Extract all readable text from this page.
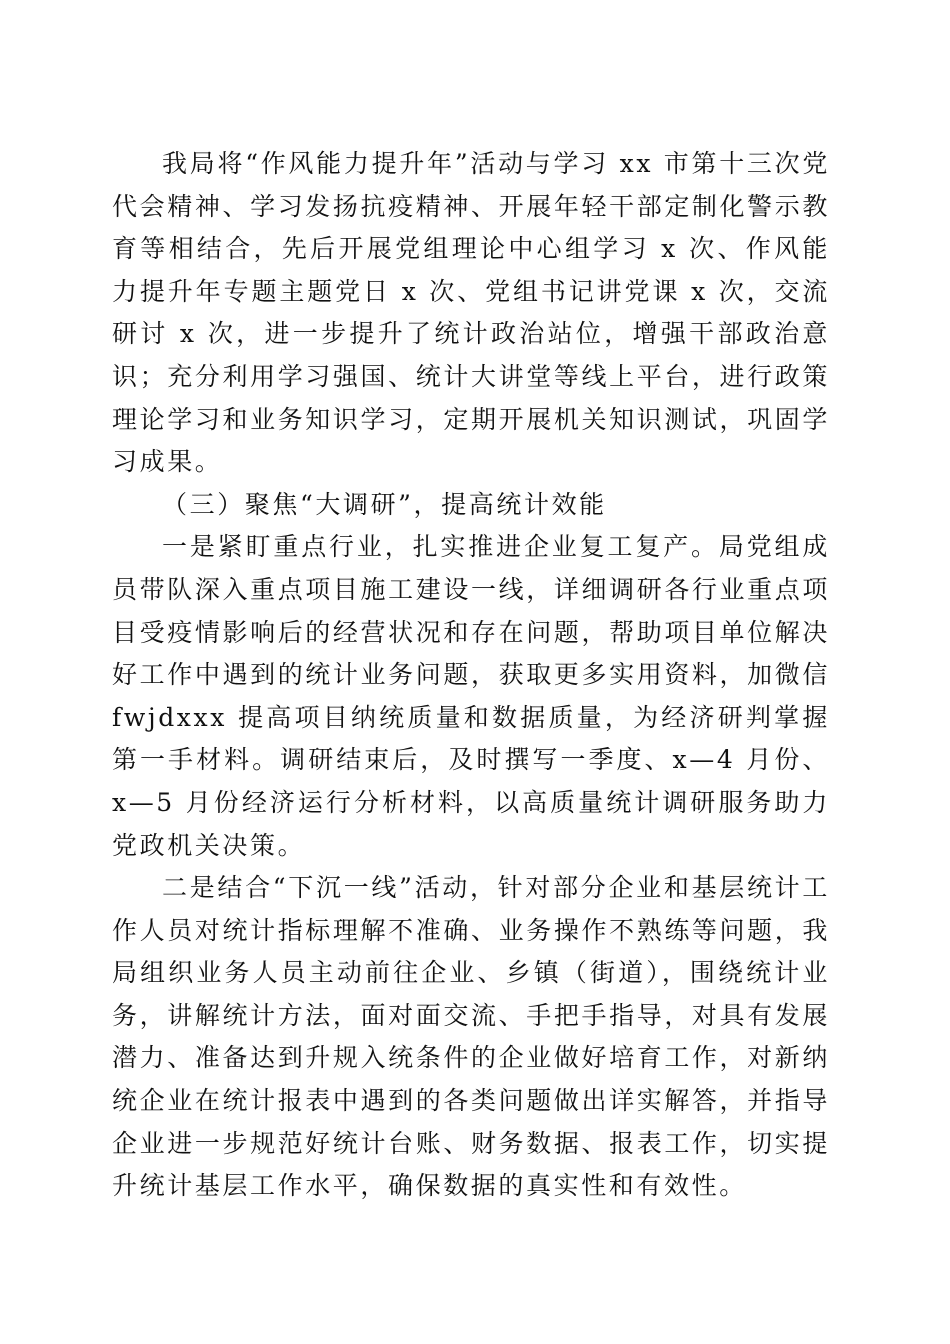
我局将“作风能力提升年”活动与学习 xx 市第十三次党代会精神、学习发扬抗疫精神、开展年轻干部定制化警示教育等相结合，先后开展党组理论中心组学习 x 次、作风能力提升年专题主题党日 x 次、党组书记讲党课 x 次，交流研讨 x 次，进一步提升了统计政治站位，增强干部政治意识；充分利用学习强国、统计大讲堂等线上平台，进行政策理论学习和业务知识学习，定期开展机关知识测试，巩固学习成果。

（三）聚焦“大调研”，提高统计效能

一是紧盯重点行业，扎实推进企业复工复产。局党组成员带队深入重点项目施工建设一线，详细调研各行业重点项目受疫情影响后的经营状况和存在问题，帮助项目单位解决好工作中遇到的统计业务问题，获取更多实用资料，加微信 fwjdxxx 提高项目纳统质量和数据质量，为经济研判掌握第一手材料。调研结束后，及时撰写一季度、x—4 月份、x—5 月份经济运行分析材料，以高质量统计调研服务助力党政机关决策。

二是结合“下沉一线”活动，针对部分企业和基层统计工作人员对统计指标理解不准确、业务操作不熟练等问题，我局组织业务人员主动前往企业、乡镇（街道），围绕统计业务，讲解统计方法，面对面交流、手把手指导，对具有发展潜力、准备达到升规入统条件的企业做好培育工作，对新纳统企业在统计报表中遇到的各类问题做出详实解答，并指导企业进一步规范好统计台账、财务数据、报表工作，切实提升统计基层工作水平，确保数据的真实性和有效性。
